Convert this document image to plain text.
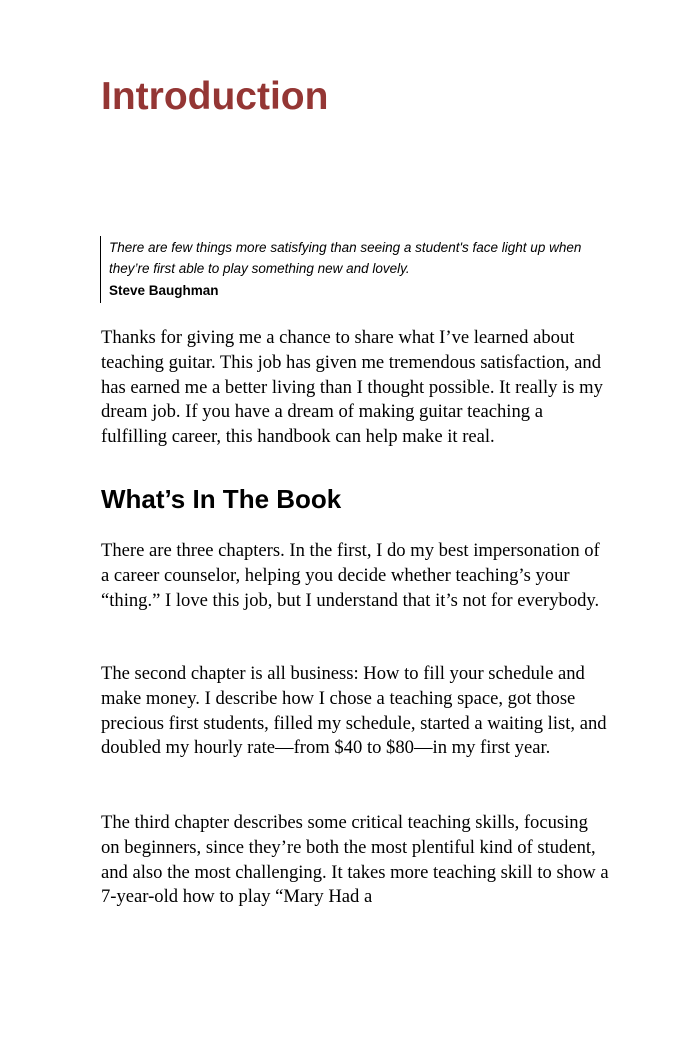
Introduction

There are few things more satisfying than seeing a student's face light up when they’re first able to play something new and lovely.

Steve Baughman

Thanks for giving me a chance to share what I’ve learned about teaching guitar. This job has given me tremendous satisfaction, and has earned me a better living than I thought possible. It really is my dream job. If you have a dream of making guitar teaching a fulfilling career, this handbook can help make it real.

What’s In The Book

There are three chapters. In the first, I do my best impersonation of a career counselor, helping you decide whether teaching’s your “thing.” I love this job, but I understand that it’s not for everybody.

The second chapter is all business: How to fill your schedule and make money. I describe how I chose a teaching space, got those precious first students, filled my schedule, started a waiting list, and doubled my hourly rate—from $40 to $80—in my first year.

The third chapter describes some critical teaching skills, focusing on beginners, since they’re both the most plentiful kind of student, and also the most challenging. It takes more teaching skill to show a 7-year-old how to play “Mary Had a
